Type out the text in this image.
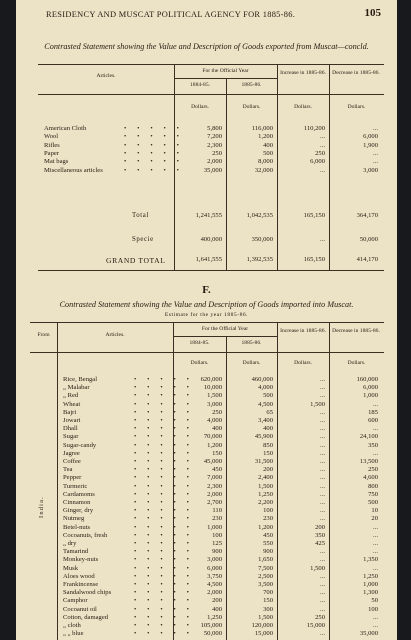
RESIDENCY AND MUSCAT POLITICAL AGENCY FOR 1885-86.	105
Contrasted Statement showing the Value and Description of Goods exported from Muscat—concld.
Articles.
For the Official Year
1884-85.	1885-86.
Increase in 1885-86. Decrease in 1885-86.
Dollars.	Dollars.	Dollars.	Dollars.
American Cloth	• • • • •	5,800	116,000	110,200	...
Wool	• • • • •	7,200	1,200	...	6,000
Rifles	• • • • •	2,300	400	...	1,900
Paper	• • • • •	250	500	250	...
Mat bags	• • • • •	2,000	8,000	6,000	...
Miscellaneous articles	• • • • •	35,000	32,000	...	3,000
Total	1,241,555	1,042,535	165,150	364,170
Specie	400,000	350,000	...	50,000
GRAND TOTAL	1,641,555	1,392,535	165,150	414,170
F.
Contrasted Statement showing the Value and Description of Goods imported into Muscat.
Estimate for the year 1885-86.
From	Articles.
For the Official Year
1884-85.	1885-86.
Increase in 1885-86. Decrease in 1885-86.
Dollars.	Dollars.	Dollars.	Dollars.
India.
Rice, Bengal	• • • • •	620,000	460,000	...	160,000
„ Malabar	• • • • •	10,000	4,000	...	6,000
„ Red	• • • • •	1,500	500	...	1,000
Wheat	• • • • •	3,000	4,500	1,500	...
Bajri	• • • • •	250	65	...	185
Jowari	• • • • •	4,000	3,400	...	600
Dhall	• • • • •	400	400	...	...
Sugar	• • • • •	70,000	45,900	...	24,100
Sugar-candy	• • • • •	1,200	850	...	350
Jagree	• • • • •	150	150	...	...
Coffee	• • • • •	45,000	31,500	...	13,500
Tea	• • • • •	450	200	...	250
Pepper	• • • • •	7,000	2,400	...	4,600
Turmeric	• • • • •	2,300	1,500	...	800
Cardamoms	• • • • •	2,000	1,250	...	750
Cinnamon	• • • • •	2,700	2,200	...	500
Ginger, dry	• • • • •	110	100	...	10
Nutmeg	• • • • •	230	230	...	20
Betel-nuts	• • • • •	1,000	1,200	200	...
Cocoanuts, fresh	• • • • •	100	450	350	...
„ dry	• • • • •	125	550	425	...
Tamarind	• • • • •	900	900	...	...
Monkey-nuts	• • • • •	3,000	1,650	...	1,350
Musk	• • • • •	6,000	7,500	1,500	...
Aloes wood	• • • • •	3,750	2,500	...	1,250
Frankincense	• • • • •	4,500	3,500	...	1,000
Sandalwood chips	• • • • •	2,000	700	...	1,300
Camphor	• • • • •	200	150	...	50
Cocoanut oil	• • • • •	400	300	...	100
Cotton, damaged	• • • • •	1,250	1,500	250	...
„ cloth	• • • • •	105,000	120,000	15,000	...
„ „ blue	• • • • •	50,000	15,000	...	35,000
